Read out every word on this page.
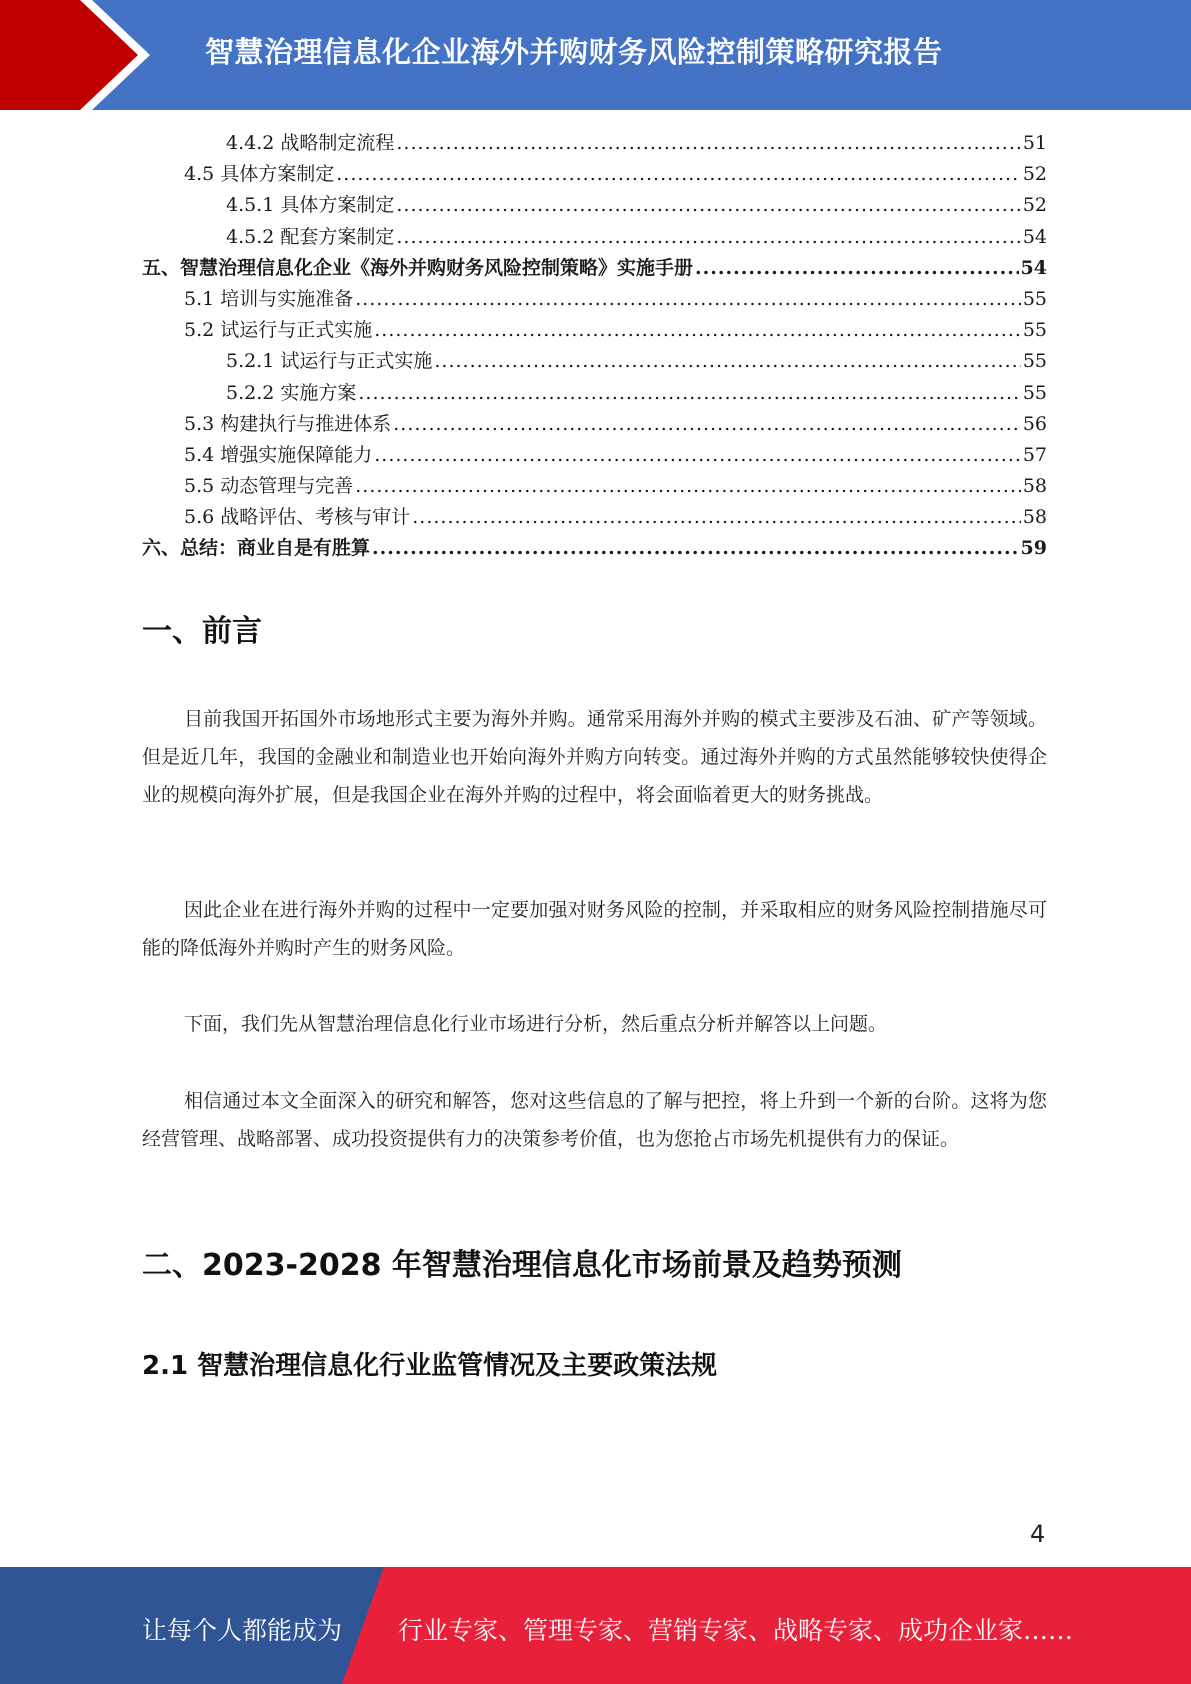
智慧治理信息化企业海外并购财务风险控制策略研究报告
4.4.2 战略制定流程 .....	51
4.5 具体方案制定 .....	52
4.5.1 具体方案制定 .....	52
4.5.2 配套方案制定 .....	54
五、智慧治理信息化企业《海外并购财务风险控制策略》实施手册 .....	54
5.1 培训与实施准备 .....	55
5.2 试运行与正式实施 .....	55
5.2.1 试运行与正式实施 .....	55
5.2.2 实施方案 .....	55
5.3 构建执行与推进体系 .....	56
5.4 增强实施保障能力 .....	57
5.5 动态管理与完善 .....	58
5.6 战略评估、考核与审计 .....	58
六、总结：商业自是有胜算 .....	59
一、前言
目前我国开拓国外市场地形式主要为海外并购。通常采用海外并购的模式主要涉及石油、矿产等领域。但是近几年，我国的金融业和制造业也开始向海外并购方向转变。通过海外并购的方式虽然能够较快使得企业的规模向海外扩展，但是我国企业在海外并购的过程中，将会面临着更大的财务挑战。
因此企业在进行海外并购的过程中一定要加强对财务风险的控制，并采取相应的财务风险控制措施尽可能的降低海外并购时产生的财务风险。
下面，我们先从智慧治理信息化行业市场进行分析，然后重点分析并解答以上问题。
相信通过本文全面深入的研究和解答，您对这些信息的了解与把控，将上升到一个新的台阶。这将为您经营管理、战略部署、成功投资提供有力的决策参考价值，也为您抢占市场先机提供有力的保证。
二、2023-2028 年智慧治理信息化市场前景及趋势预测
2.1 智慧治理信息化行业监管情况及主要政策法规
4
让每个人都能成为 行业专家、管理专家、营销专家、战略专家、成功企业家……
